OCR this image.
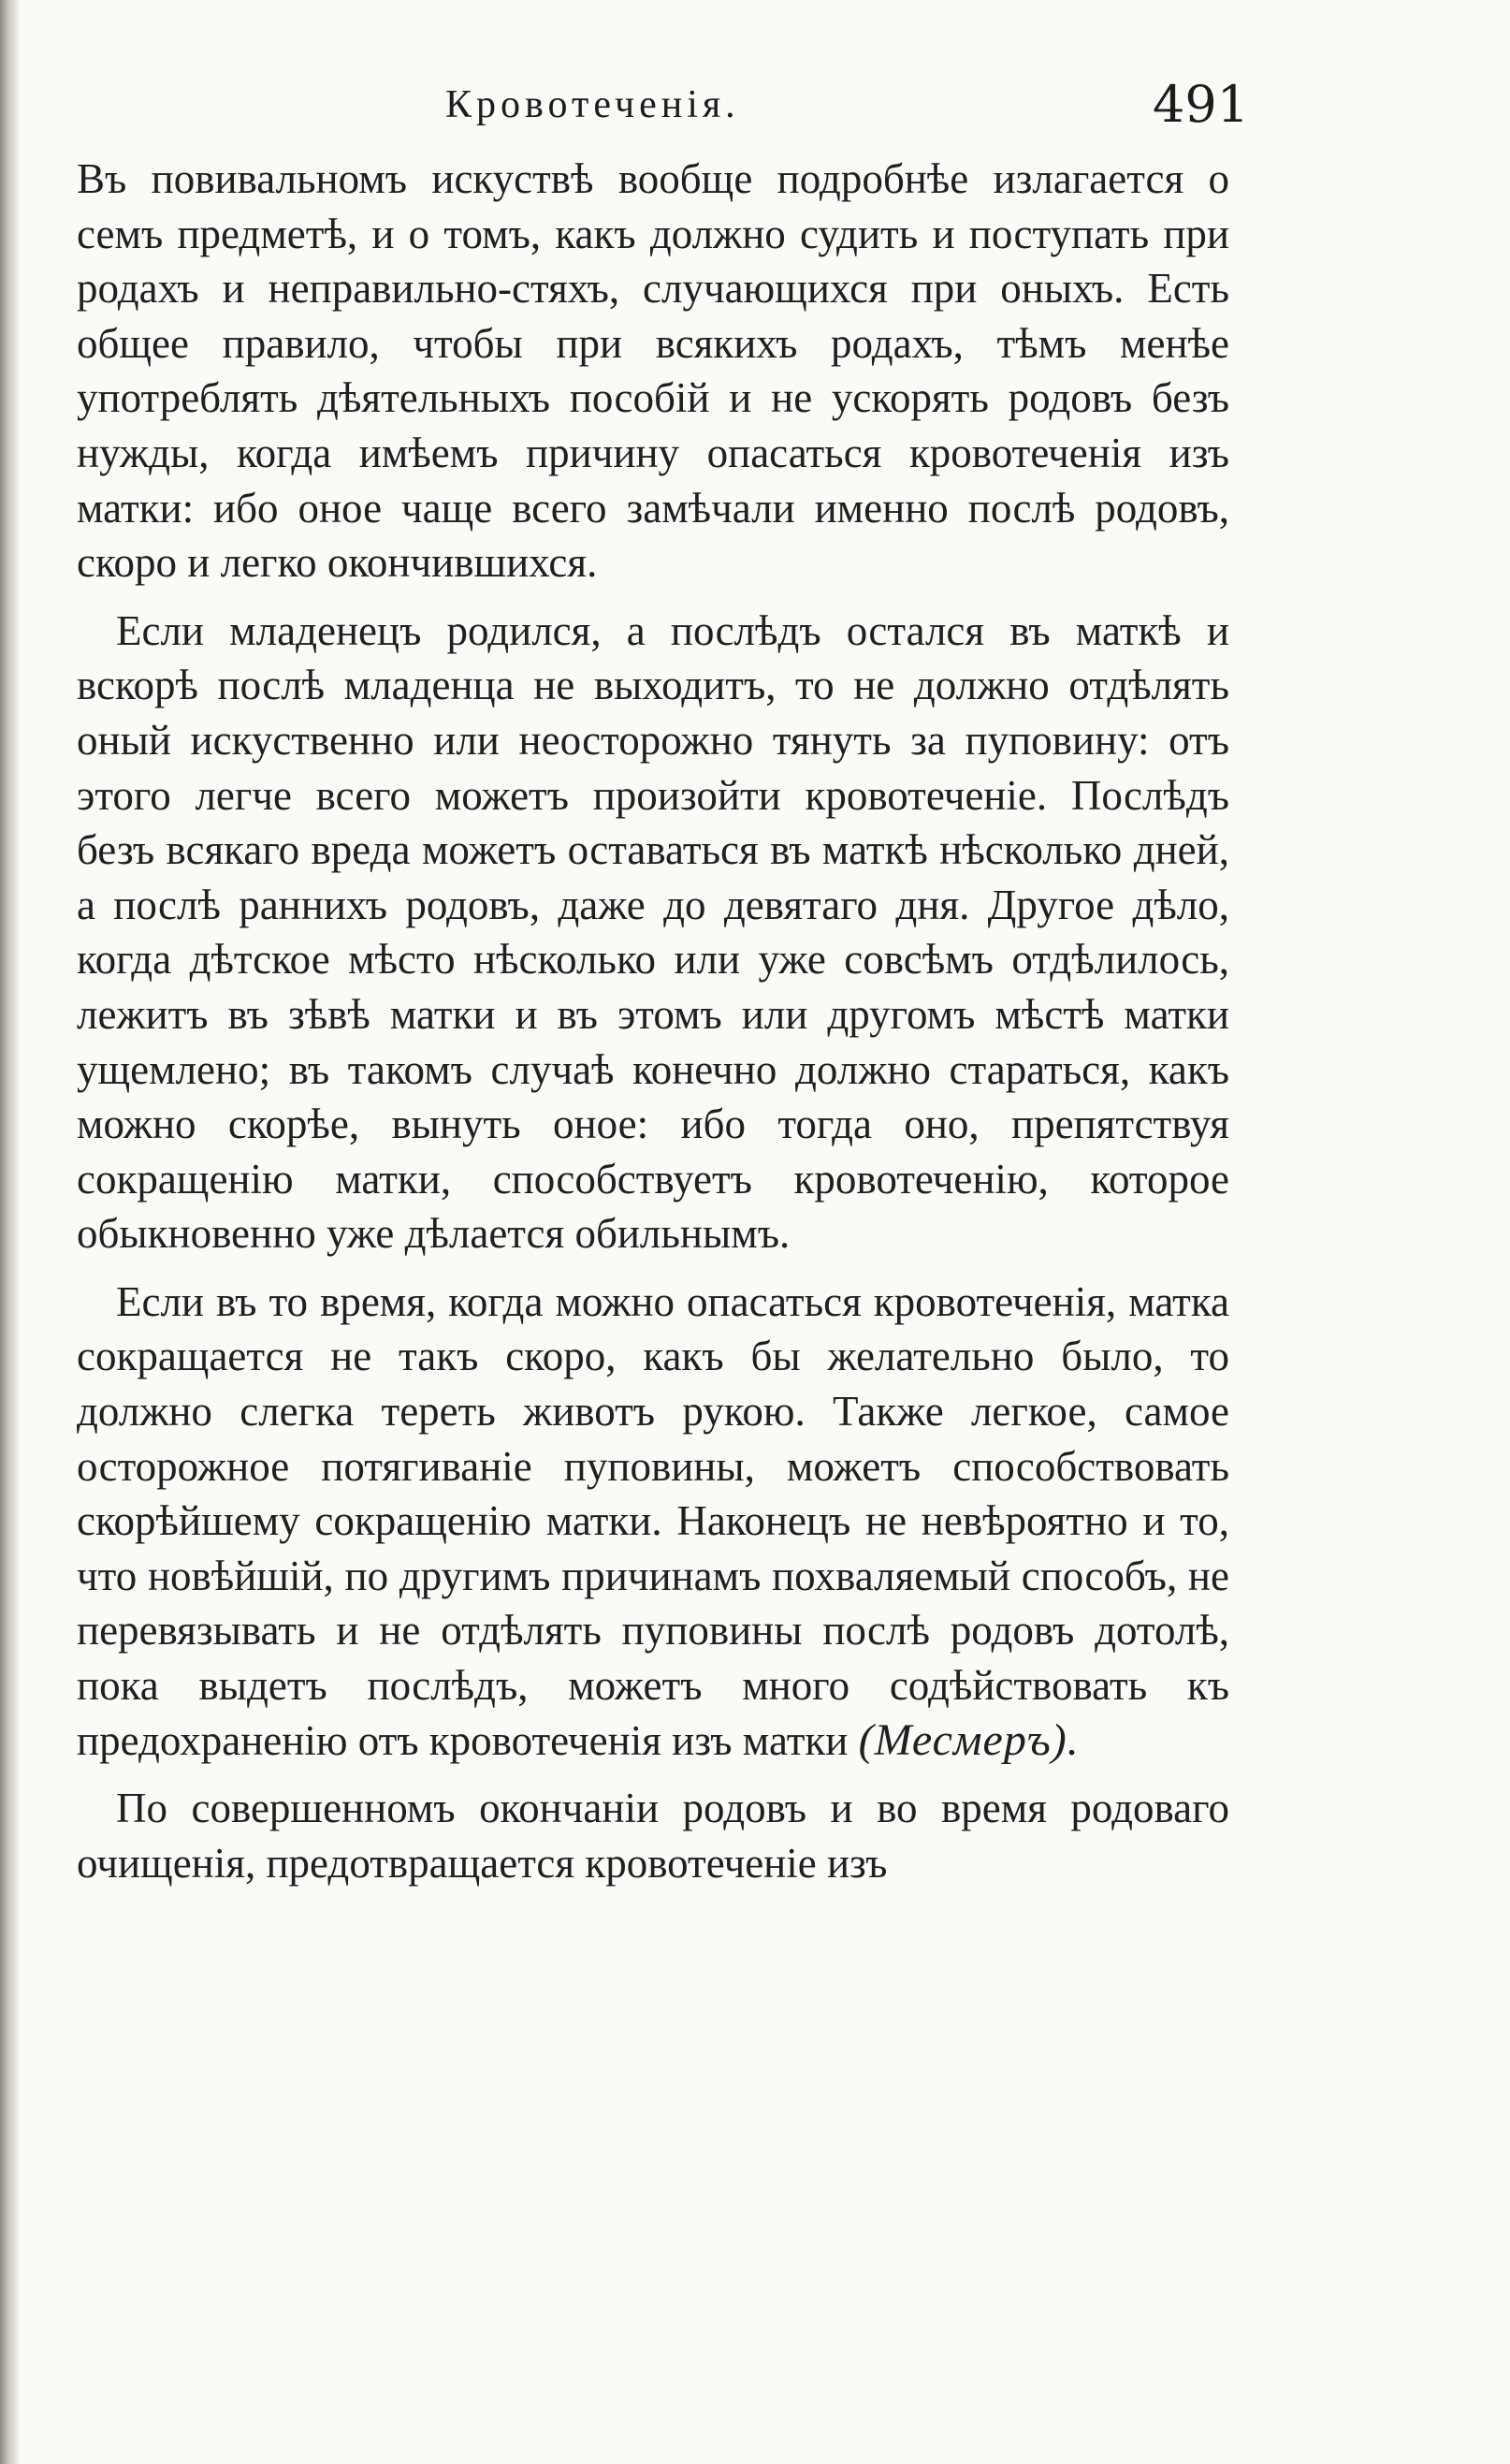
Кровотеченія.	491

Въ повивальномъ искуствѣ вообще подробнѣе излагается о семъ предметѣ, и о томъ, какъ должно судить и поступать при родахъ и неправильно-стяхъ, случающихся при оныхъ. Есть общее правило, чтобы при всякихъ родахъ, тѣмъ менѣе употреблять дѣятельныхъ пособій и не ускорять родовъ безъ нужды, когда имѣемъ причину опасаться кровотеченія изъ матки: ибо оное чаще всего замѣчали именно послѣ родовъ, скоро и легко окончившихся.

Если младенецъ родился, а послѣдъ остался въ маткѣ и вскорѣ послѣ младенца не выходитъ, то не должно отдѣлять оный искуственно или неосторожно тянуть за пуповину: отъ этого легче всего можетъ произойти кровотеченіе. Послѣдъ безъ всякаго вреда можетъ оставаться въ маткѣ нѣсколько дней, а послѣ раннихъ родовъ, даже до девятаго дня. Другое дѣло, когда дѣтское мѣсто нѣсколько или уже совсѣмъ отдѣлилось, лежитъ въ зѣвѣ матки и въ этомъ или другомъ мѣстѣ матки ущемлено; въ такомъ случаѣ конечно должно стараться, какъ можно скорѣе, вынуть оное: ибо тогда оно, препятствуя сокращенію матки, способствуетъ кровотеченію, которое обыкновенно уже дѣлается обильнымъ.

Если въ то время, когда можно опасаться кровотеченія, матка сокращается не такъ скоро, какъ бы желательно было, то должно слегка тереть животъ рукою. Также легкое, самое осторожное потягиваніе пуповины, можетъ способствовать скорѣйшему сокращенію матки. Наконецъ не невѣроятно и то, что новѣйшій, по другимъ причинамъ похваляемый способъ, не перевязывать и не отдѣлять пуповины послѣ родовъ дотолѣ, пока выдетъ послѣдъ, можетъ много содѣйствовать къ предохраненію отъ кровотеченія изъ матки (Месмеръ).

По совершенномъ окончаніи родовъ и во время родоваго очищенія, предотвращается кровотеченіе изъ
